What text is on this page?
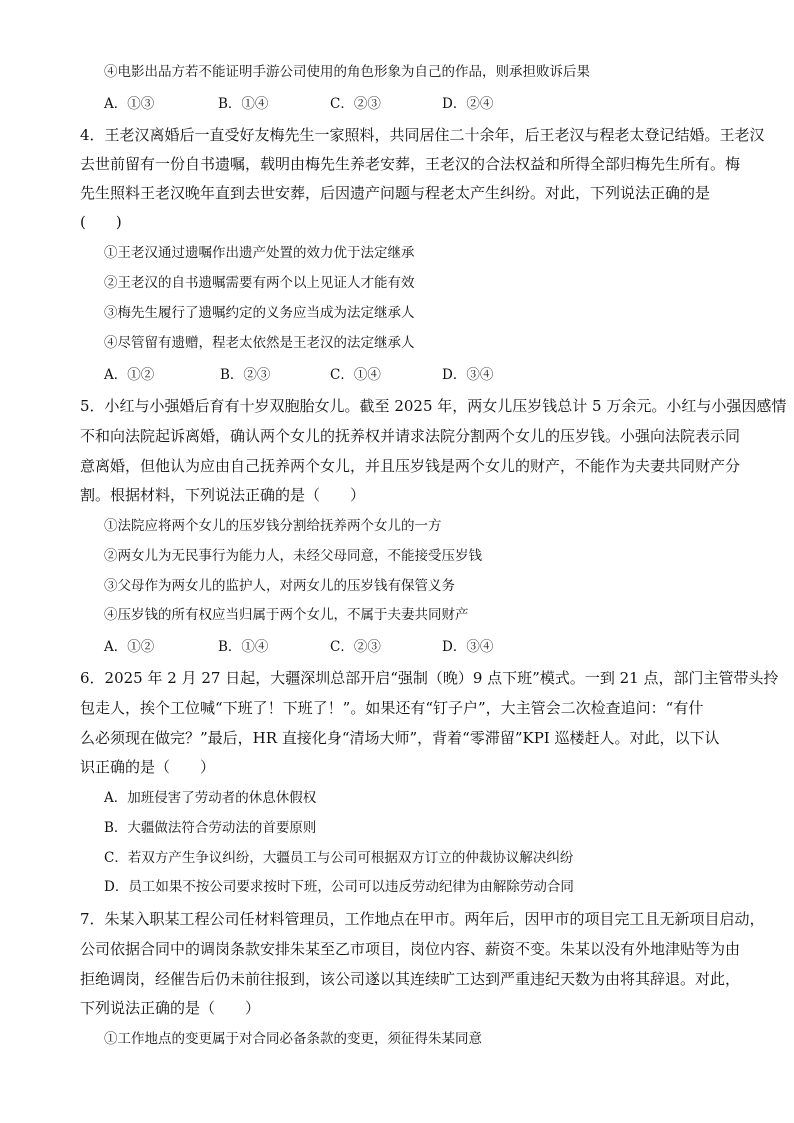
④电影出品方若不能证明手游公司使用的角色形象为自己的作品，则承担败诉后果
A．①③	B．①④	C．②③	D．②④
4．王老汉离婚后一直受好友梅先生一家照料，共同居住二十余年，后王老汉与程老太登记结婚。王老汉
去世前留有一份自书遗嘱，载明由梅先生养老安葬，王老汉的合法权益和所得全部归梅先生所有。梅
先生照料王老汉晚年直到去世安葬，后因遗产问题与程老太产生纠纷。对此，下列说法正确的是
(　　)
①王老汉通过遗嘱作出遗产处置的效力优于法定继承
②王老汉的自书遗嘱需要有两个以上见证人才能有效
③梅先生履行了遗嘱约定的义务应当成为法定继承人
④尽管留有遗赠，程老太依然是王老汉的法定继承人
A．①②	B．②③	C．①④	D．③④
5．小红与小强婚后育有十岁双胞胎女儿。截至 2025 年，两女儿压岁钱总计 5 万余元。小红与小强因感情
不和向法院起诉离婚，确认两个女儿的抚养权并请求法院分割两个女儿的压岁钱。小强向法院表示同
意离婚，但他认为应由自己抚养两个女儿，并且压岁钱是两个女儿的财产，不能作为夫妻共同财产分
割。根据材料，下列说法正确的是（　　）
①法院应将两个女儿的压岁钱分割给抚养两个女儿的一方
②两女儿为无民事行为能力人，未经父母同意，不能接受压岁钱
③父母作为两女儿的监护人，对两女儿的压岁钱有保管义务
④压岁钱的所有权应当归属于两个女儿，不属于夫妻共同财产
A．①②	B．①④	C．②③	D．③④
6．2025 年 2 月 27 日起，大疆深圳总部开启“强制（晚）9 点下班”模式。一到 21 点，部门主管带头拎
包走人，挨个工位喊“下班了！下班了！”。如果还有“钉子户”，大主管会二次检查追问：“有什
么必须现在做完？”最后，HR 直接化身“清场大师”，背着“零滞留”KPI 巡楼赶人。对此，以下认
识正确的是（　　）
A．加班侵害了劳动者的休息休假权
B．大疆做法符合劳动法的首要原则
C．若双方产生争议纠纷，大疆员工与公司可根据双方订立的仲裁协议解决纠纷
D．员工如果不按公司要求按时下班，公司可以违反劳动纪律为由解除劳动合同
7．朱某入职某工程公司任材料管理员，工作地点在甲市。两年后，因甲市的项目完工且无新项目启动，
公司依据合同中的调岗条款安排朱某至乙市项目，岗位内容、薪资不变。朱某以没有外地津贴等为由
拒绝调岗，经催告后仍未前往报到，该公司遂以其连续旷工达到严重违纪天数为由将其辞退。对此，
下列说法正确的是（　　）
①工作地点的变更属于对合同必备条款的变更，须征得朱某同意
